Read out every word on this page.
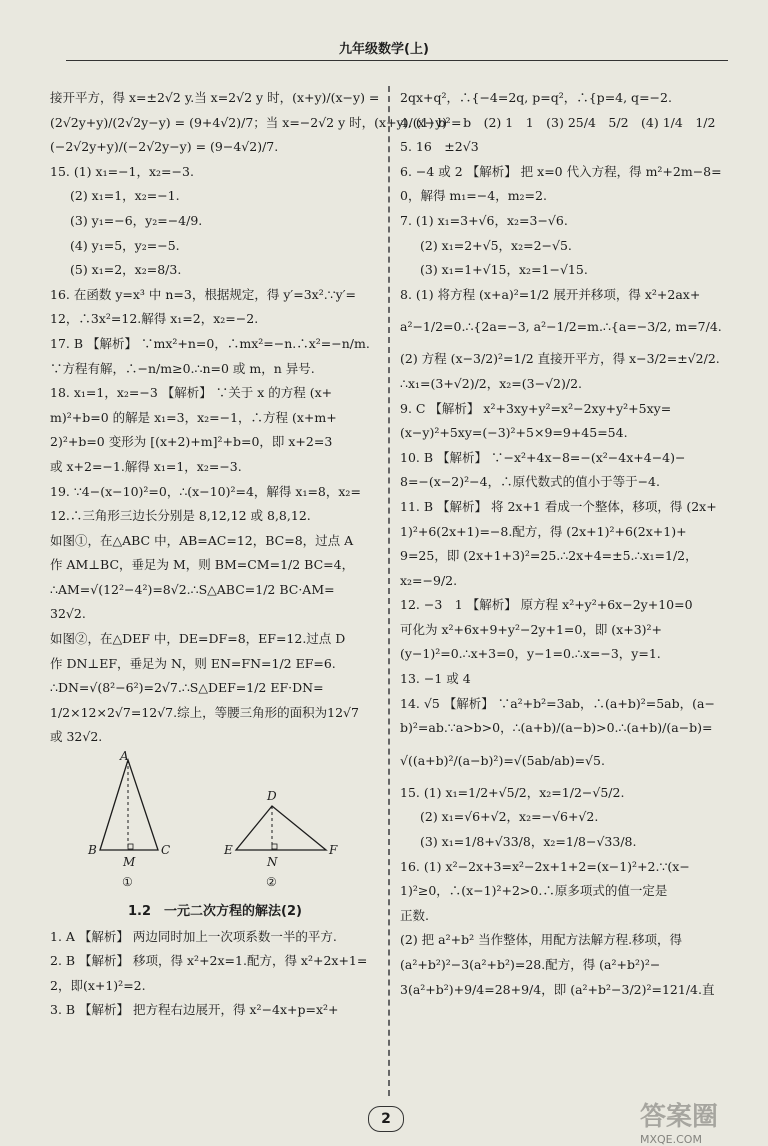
九年级数学(上)
接开平方，得 x=±2√2 y.当 x=2√2 y 时，(x+y)/(x−y) =
(2√2y+y)/(2√2y−y) = (9+4√2)/7；当 x=−2√2 y 时，(x+y)/(x−y) =
(−2√2y+y)/(−2√2y−y) = (9−4√2)/7.
15. (1) x₁=−1，x₂=−3.
(2) x₁=1，x₂=−1.
(3) y₁=−6，y₂=−4/9.
(4) y₁=5，y₂=−5.
(5) x₁=2，x₂=8/3.
16. 在函数 y=x³ 中 n=3，根据规定，得 y′=3x².∵y′=
12，∴3x²=12.解得 x₁=2，x₂=−2.
17. B 【解析】 ∵mx²+n=0，∴mx²=−n.∴x²=−n/m.
∵方程有解，∴−n/m≥0.∴n=0 或 m，n 异号.
18. x₁=1，x₂=−3 【解析】 ∵关于 x 的方程 (x+
m)²+b=0 的解是 x₁=3，x₂=−1，∴方程 (x+m+
2)²+b=0 变形为 [(x+2)+m]²+b=0，即 x+2=3
或 x+2=−1.解得 x₁=1，x₂=−3.
19. ∵4−(x−10)²=0，∴(x−10)²=4，解得 x₁=8，x₂=
12.∴三角形三边长分别是 8,12,12 或 8,8,12.
如图①，在△ABC 中，AB=AC=12，BC=8，过点 A
作 AM⊥BC，垂足为 M，则 BM=CM=1/2 BC=4，
∴AM=√(12²−4²)=8√2.∴S△ABC=1/2 BC·AM=
32√2.
如图②，在△DEF 中，DE=DF=8，EF=12.过点 D
作 DN⊥EF，垂足为 N，则 EN=FN=1/2 EF=6.
∴DN=√(8²−6²)=2√7.∴S△DEF=1/2 EF·DN=
1/2×12×2√7=12√7.综上，等腰三角形的面积为12√7
或 32√2.
A
B
M
C
①
D
E
N
F
②
1.2　一元二次方程的解法(2)
1. A 【解析】 两边同时加上一次项系数一半的平方.
2. B 【解析】 移项，得 x²+2x=1.配方，得 x²+2x+1=
2，即(x+1)²=2.
3. B 【解析】 把方程右边展开，得 x²−4x+p=x²+
2qx+q²，∴{−4=2q, p=q²，∴{p=4, q=−2.
4. (1) b²　b　(2) 1　1　(3) 25/4　5/2　(4) 1/4　1/2
5. 16　±2√3
6. −4 或 2 【解析】 把 x=0 代入方程，得 m²+2m−8=
0，解得 m₁=−4，m₂=2.
7. (1) x₁=3+√6，x₂=3−√6.
(2) x₁=2+√5，x₂=2−√5.
(3) x₁=1+√15，x₂=1−√15.
8. (1) 将方程 (x+a)²=1/2 展开并移项，得 x²+2ax+
a²−1/2=0.∴{2a=−3, a²−1/2=m.∴{a=−3/2, m=7/4.
(2) 方程 (x−3/2)²=1/2 直接开平方，得 x−3/2=±√2/2.
∴x₁=(3+√2)/2，x₂=(3−√2)/2.
9. C 【解析】 x²+3xy+y²=x²−2xy+y²+5xy=
(x−y)²+5xy=(−3)²+5×9=9+45=54.
10. B 【解析】 ∵−x²+4x−8=−(x²−4x+4−4)−
8=−(x−2)²−4，∴原代数式的值小于等于−4.
11. B 【解析】 将 2x+1 看成一个整体，移项，得 (2x+
1)²+6(2x+1)=−8.配方，得 (2x+1)²+6(2x+1)+
9=25，即 (2x+1+3)²=25.∴2x+4=±5.∴x₁=1/2，
x₂=−9/2.
12. −3　1 【解析】 原方程 x²+y²+6x−2y+10=0
可化为 x²+6x+9+y²−2y+1=0，即 (x+3)²+
(y−1)²=0.∴x+3=0，y−1=0.∴x=−3，y=1.
13. −1 或 4
14. √5 【解析】 ∵a²+b²=3ab，∴(a+b)²=5ab，(a−
b)²=ab.∵a>b>0，∴(a+b)/(a−b)>0.∴(a+b)/(a−b)=
√((a+b)²/(a−b)²)=√(5ab/ab)=√5.
15. (1) x₁=1/2+√5/2，x₂=1/2−√5/2.
(2) x₁=√6+√2，x₂=−√6+√2.
(3) x₁=1/8+√33/8，x₂=1/8−√33/8.
16. (1) x²−2x+3=x²−2x+1+2=(x−1)²+2.∵(x−
1)²≥0，∴(x−1)²+2>0.∴原多项式的值一定是
正数.
(2) 把 a²+b² 当作整体，用配方法解方程.移项，得
(a²+b²)²−3(a²+b²)=28.配方，得 (a²+b²)²−
3(a²+b²)+9/4=28+9/4，即 (a²+b²−3/2)²=121/4.直
2	答案圈
MXQE.COM
